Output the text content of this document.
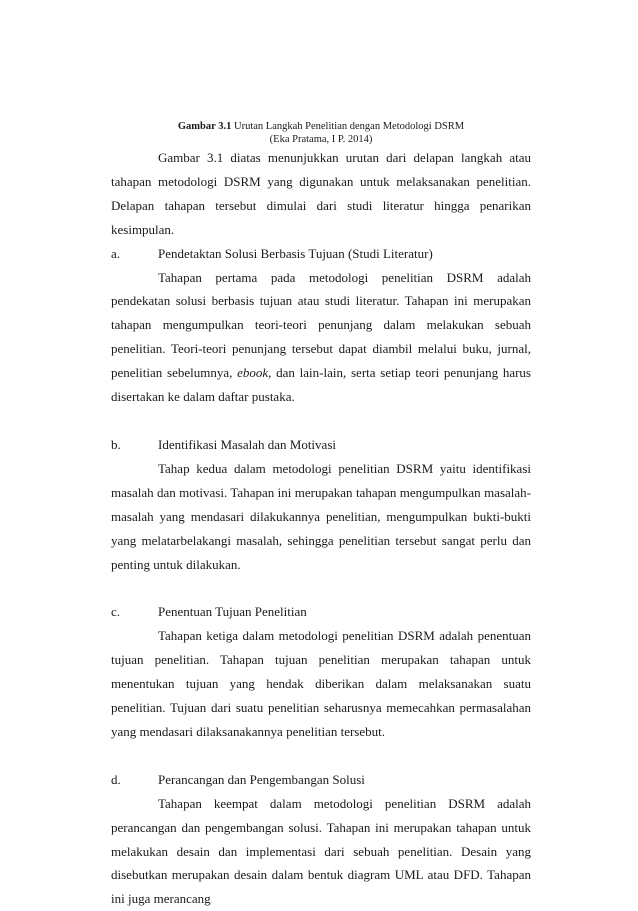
Gambar 3.1 Urutan Langkah Penelitian dengan Metodologi DSRM

(Eka Pratama, I P. 2014)

Gambar 3.1 diatas menunjukkan urutan dari delapan langkah atau tahapan metodologi DSRM yang digunakan untuk melaksanakan penelitian. Delapan tahapan tersebut dimulai dari studi literatur hingga penarikan kesimpulan.

a.	Pendetaktan Solusi Berbasis Tujuan (Studi Literatur)

Tahapan pertama pada metodologi penelitian DSRM adalah pendekatan solusi berbasis tujuan atau studi literatur. Tahapan ini merupakan tahapan mengumpulkan teori-teori penunjang dalam melakukan sebuah penelitian. Teori-teori penunjang tersebut dapat diambil melalui buku, jurnal, penelitian sebelumnya, ebook, dan lain-lain, serta setiap teori penunjang harus disertakan ke dalam daftar pustaka.

b.	Identifikasi Masalah dan Motivasi

Tahap kedua dalam metodologi penelitian DSRM yaitu identifikasi masalah dan motivasi. Tahapan ini merupakan tahapan mengumpulkan masalah- masalah yang mendasari dilakukannya penelitian, mengumpulkan bukti-bukti yang melatarbelakangi masalah, sehingga penelitian tersebut sangat perlu dan penting untuk dilakukan.

c.	Penentuan Tujuan Penelitian

Tahapan ketiga dalam metodologi penelitian DSRM adalah penentuan tujuan penelitian. Tahapan tujuan penelitian merupakan tahapan untuk menentukan tujuan yang hendak diberikan dalam melaksanakan suatu penelitian. Tujuan dari suatu penelitian seharusnya memecahkan permasalahan yang mendasari dilaksanakannya penelitian tersebut.

d.	Perancangan dan Pengembangan Solusi

Tahapan keempat dalam metodologi penelitian DSRM adalah perancangan dan pengembangan solusi. Tahapan ini merupakan tahapan untuk melakukan desain dan implementasi dari sebuah penelitian. Desain yang disebutkan merupakan desain dalam bentuk diagram UML atau DFD. Tahapan ini juga merancang
